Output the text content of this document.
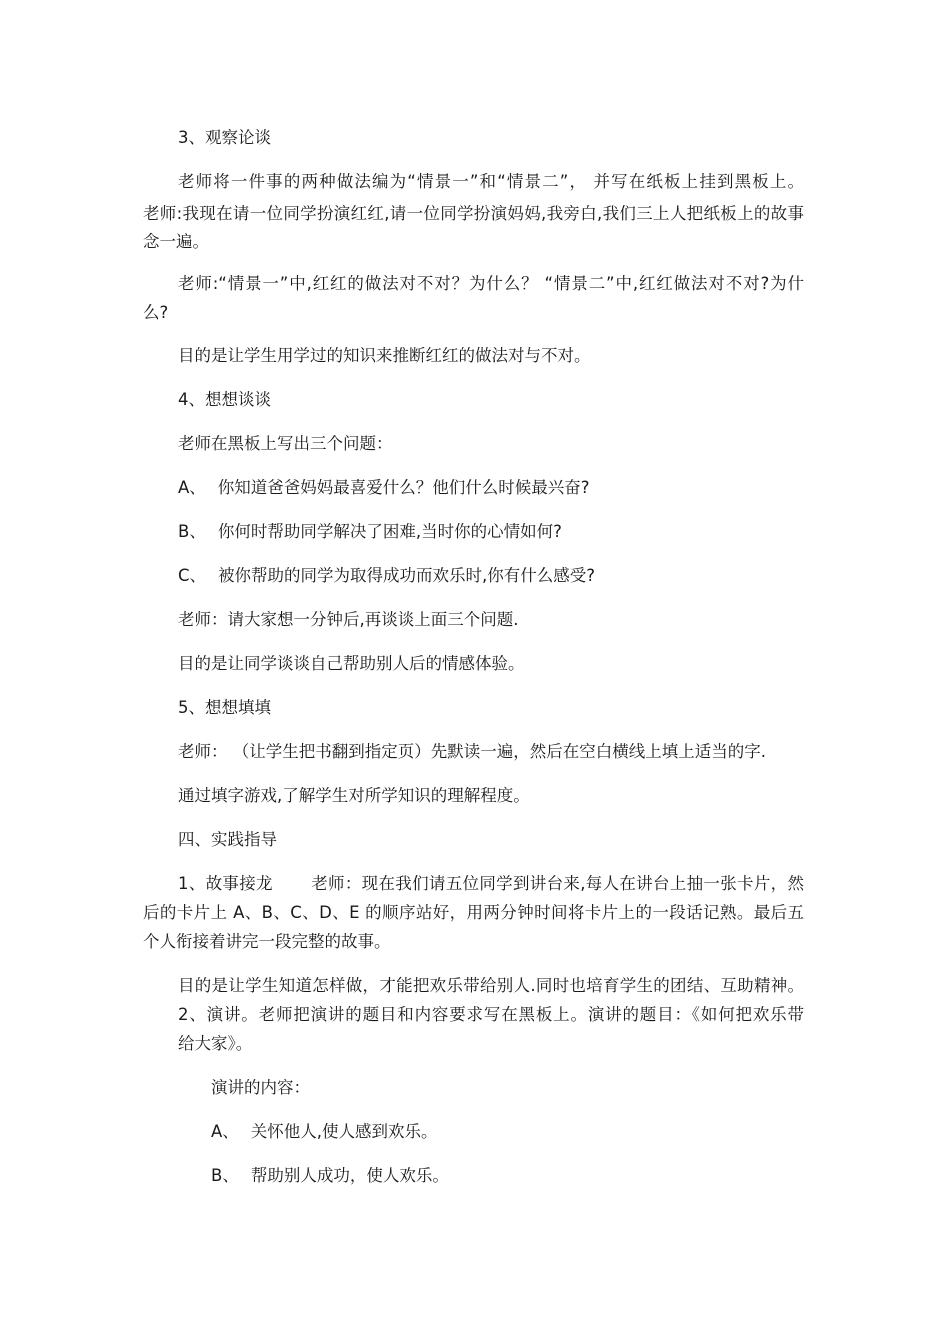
3、观察论谈
老师将一件事的两种做法编为“情景一”和“情景二”， 并写在纸板上挂到黑板上。
老师:我现在请一位同学扮演红红,请一位同学扮演妈妈,我旁白,我们三上人把纸板上的故事
念一遍。
老师:“情景一”中,红红的做法对不对？为什么？ “情景二”中,红红做法对不对?为什
么?
目的是让学生用学过的知识来推断红红的做法对与不对。
4、想想谈谈
老师在黑板上写出三个问题：
A、 你知道爸爸妈妈最喜爱什么？他们什么时候最兴奋?
B、 你何时帮助同学解决了困难,当时你的心情如何?
C、 被你帮助的同学为取得成功而欢乐时,你有什么感受?
老师：请大家想一分钟后,再谈谈上面三个问题.
目的是让同学谈谈自己帮助别人后的情感体验。
5、想想填填
老师： （让学生把书翻到指定页）先默读一遍，然后在空白横线上填上适当的字.
通过填字游戏,了解学生对所学知识的理解程度。
四、实践指导
1、故事接龙 老师：现在我们请五位同学到讲台来,每人在讲台上抽一张卡片，然
后的卡片上 A、B、C、D、E 的顺序站好，用两分钟时间将卡片上的一段话记熟。最后五
个人衔接着讲完一段完整的故事。
目的是让学生知道怎样做，才能把欢乐带给别人.同时也培育学生的团结、互助精神。
2、演讲。老师把演讲的题目和内容要求写在黑板上。演讲的题目：《如何把欢乐带
给大家》。
演讲的内容：
A、 关怀他人,使人感到欢乐。
B、 帮助别人成功，使人欢乐。
